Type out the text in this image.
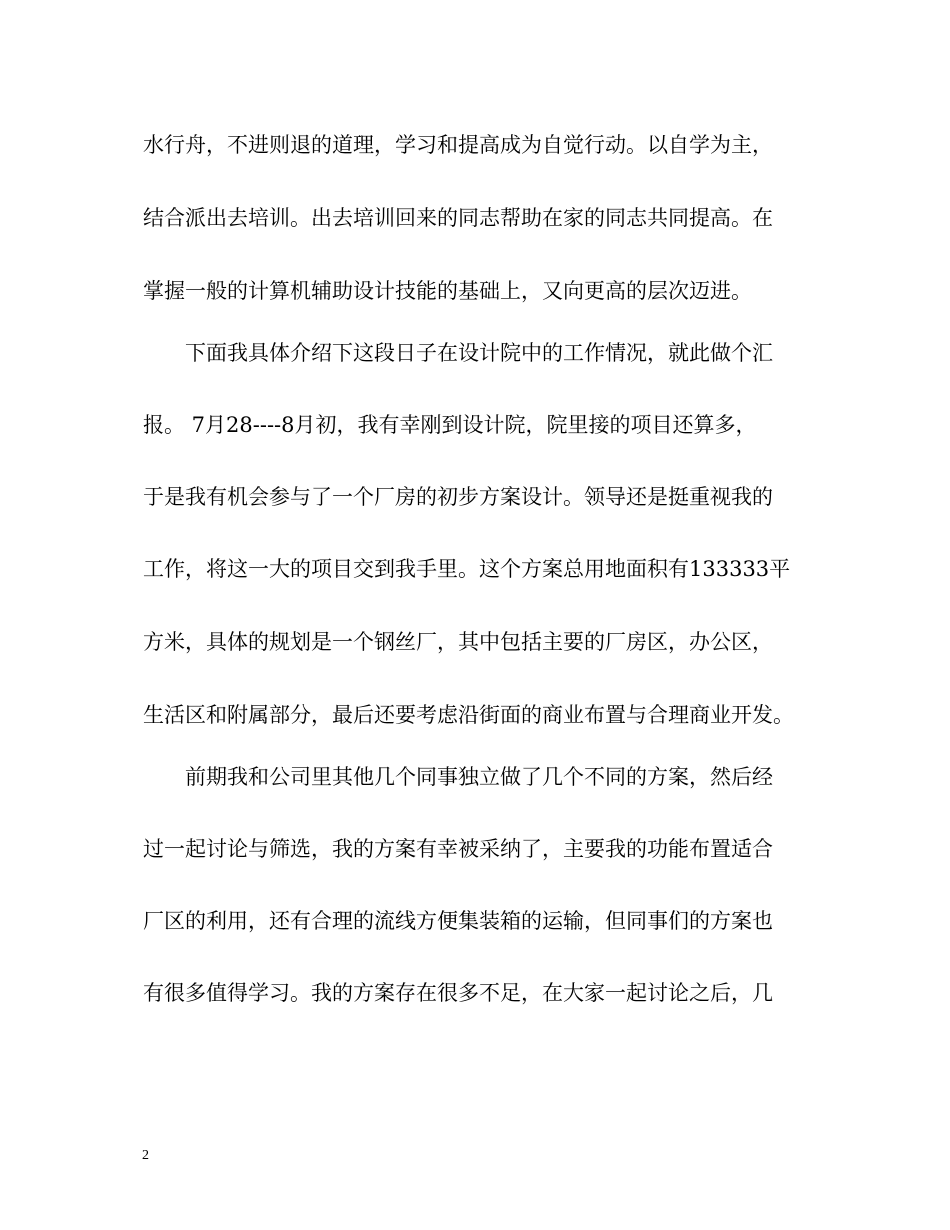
水行舟，不进则退的道理，学习和提高成为自觉行动。以自学为主，
结合派出去培训。出去培训回来的同志帮助在家的同志共同提高。在
掌握一般的计算机辅助设计技能的基础上，又向更高的层次迈进。
下面我具体介绍下这段日子在设计院中的工作情况，就此做个汇
报。 7月28----8月初，我有幸刚到设计院，院里接的项目还算多，
于是我有机会参与了一个厂房的初步方案设计。领导还是挺重视我的
工作，将这一大的项目交到我手里。这个方案总用地面积有133333平
方米，具体的规划是一个钢丝厂，其中包括主要的厂房区，办公区，
生活区和附属部分，最后还要考虑沿街面的商业布置与合理商业开发。
前期我和公司里其他几个同事独立做了几个不同的方案，然后经
过一起讨论与筛选，我的方案有幸被采纳了，主要我的功能布置适合
厂区的利用，还有合理的流线方便集装箱的运输，但同事们的方案也
有很多值得学习。我的方案存在很多不足，在大家一起讨论之后，几
2
